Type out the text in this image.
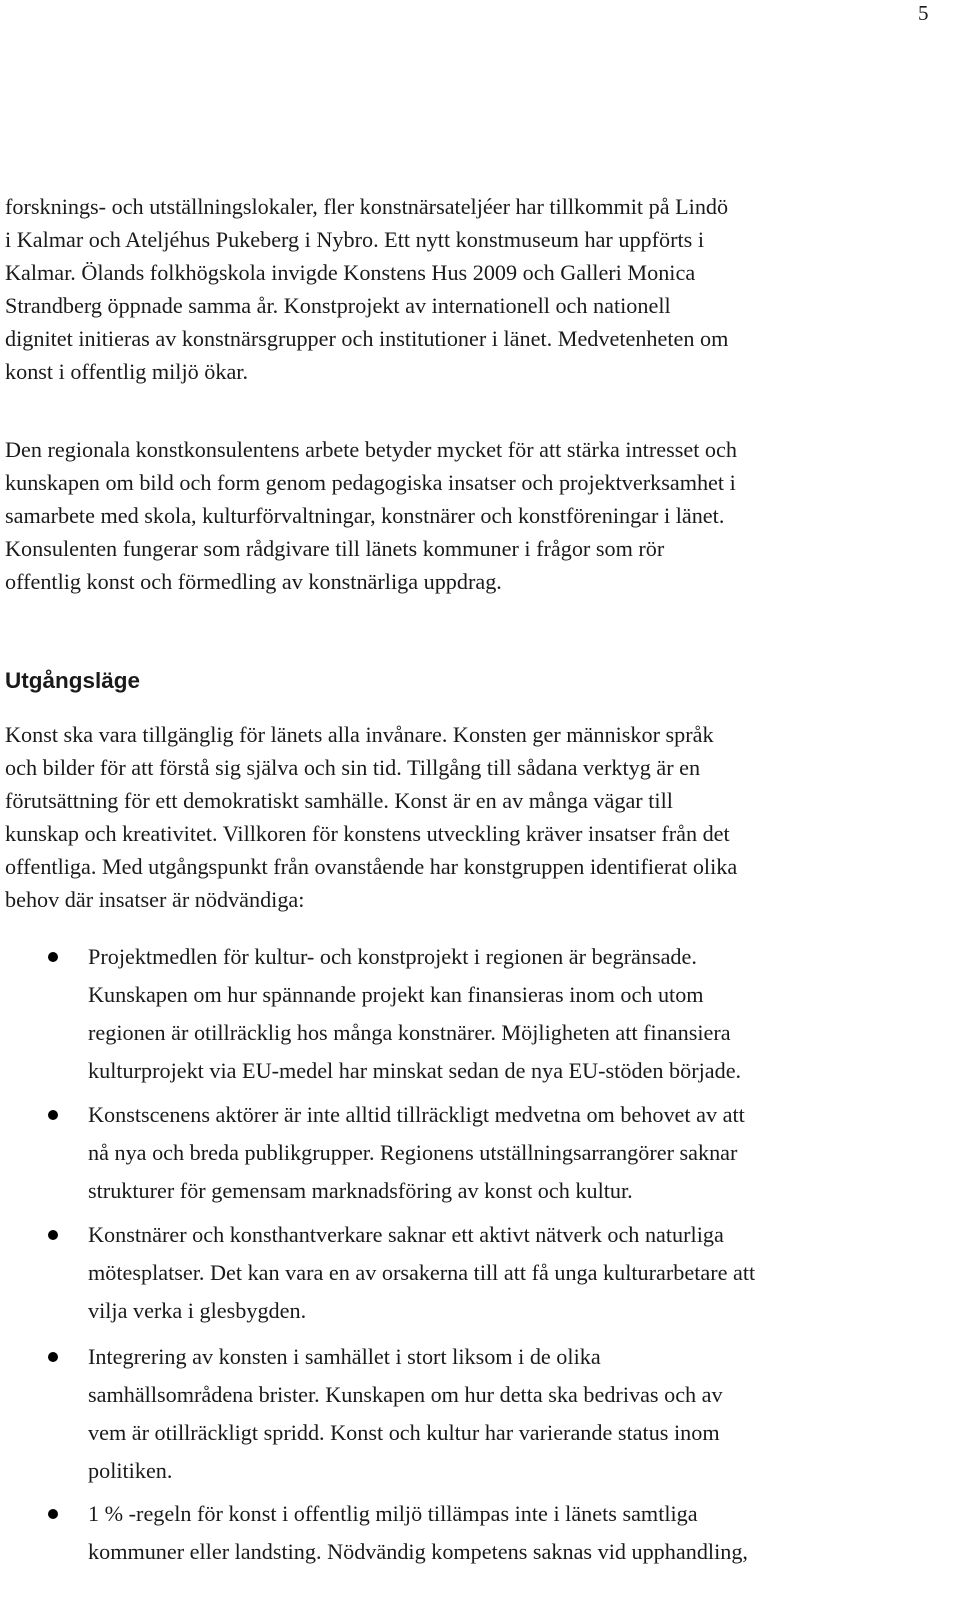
5
forsknings- och utställningslokaler, fler konstnärsateljéer har tillkommit på Lindö
i Kalmar och Ateljéhus Pukeberg i Nybro. Ett nytt konstmuseum har uppförts i
Kalmar. Ölands folkhögskola invigde Konstens Hus 2009 och Galleri Monica
Strandberg öppnade samma år. Konstprojekt av internationell och nationell
dignitet initieras av konstnärsgrupper och institutioner i länet. Medvetenheten om
konst i offentlig miljö ökar.
Den regionala konstkonsulentens arbete betyder mycket för att stärka intresset och
kunskapen om bild och form genom pedagogiska insatser och projektverksamhet i
samarbete med skola, kulturförvaltningar, konstnärer och konstföreningar i länet.
Konsulenten fungerar som rådgivare till länets kommuner i frågor som rör
offentlig konst och förmedling av konstnärliga uppdrag.
Utgångsläge
Konst ska vara tillgänglig för länets alla invånare. Konsten ger människor språk
och bilder för att förstå sig själva och sin tid. Tillgång till sådana verktyg är en
förutsättning för ett demokratiskt samhälle. Konst är en av många vägar till
kunskap och kreativitet. Villkoren för konstens utveckling kräver insatser från det
offentliga. Med utgångspunkt från ovanstående har konstgruppen identifierat olika
behov där insatser är nödvändiga:
Projektmedlen för kultur- och konstprojekt i regionen är begränsade.
Kunskapen om hur spännande projekt kan finansieras inom och utom
regionen är otillräcklig hos många konstnärer. Möjligheten att finansiera
kulturprojekt via EU-medel har minskat sedan de nya EU-stöden började.
Konstscenens aktörer är inte alltid tillräckligt medvetna om behovet av att
nå nya och breda publikgrupper. Regionens utställningsarrangörer saknar
strukturer för gemensam marknadsföring av konst och kultur.
Konstnärer och konsthantverkare saknar ett aktivt nätverk och naturliga
mötesplatser. Det kan vara en av orsakerna till att få unga kulturarbetare att
vilja verka i glesbygden.
Integrering av konsten i samhället i stort liksom i de olika
samhällsområdena brister. Kunskapen om hur detta ska bedrivas och av
vem är otillräckligt spridd. Konst och kultur har varierande status inom
politiken.
1 % -regeln för konst i offentlig miljö tillämpas inte i länets samtliga
kommuner eller landsting. Nödvändig kompetens saknas vid upphandling,
